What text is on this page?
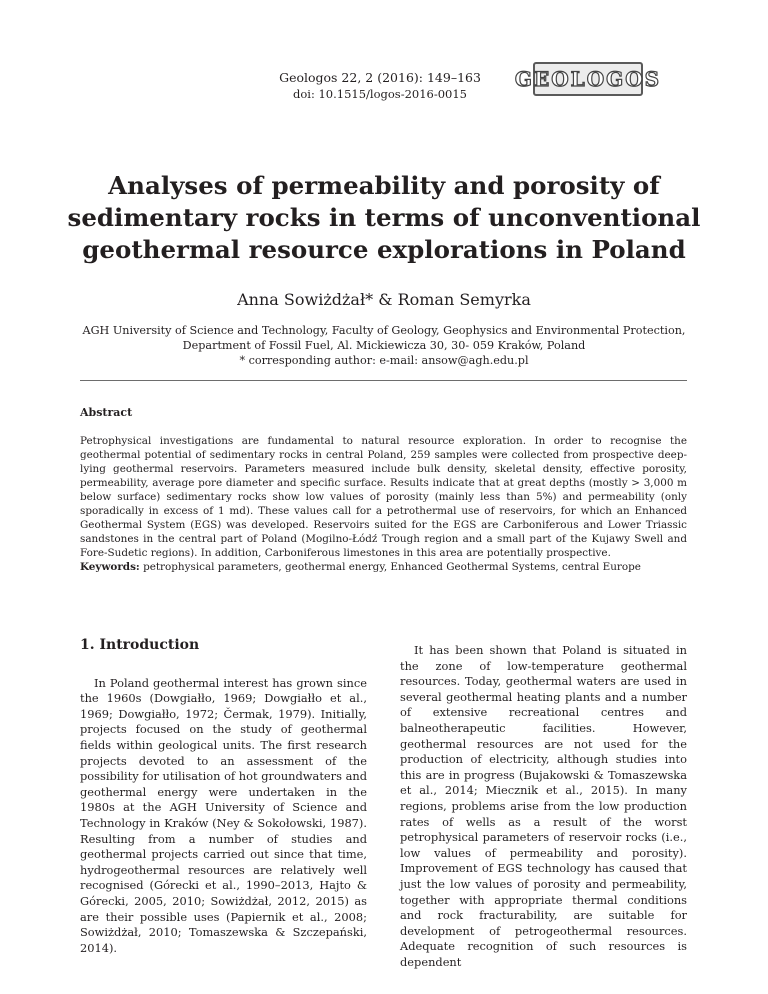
Geologos 22, 2 (2016): 149–163
doi: 10.1515/logos-2016-0015
GEOLOGOS
Analyses of permeability and porosity of sedimentary rocks in terms of unconventional geothermal resource explorations in Poland
Anna Sowiżdżał* & Roman Semyrka
AGH University of Science and Technology, Faculty of Geology, Geophysics and Environmental Protection,
Department of Fossil Fuel, Al. Mickiewicza 30, 30- 059 Kraków, Poland
* corresponding author: e-mail: ansow@agh.edu.pl
Abstract
Petrophysical investigations are fundamental to natural resource exploration. In order to recognise the geothermal potential of sedimentary rocks in central Poland, 259 samples were collected from prospective deep-lying geothermal reservoirs. Parameters measured include bulk density, skeletal density, effective porosity, permeability, average pore diameter and specific surface. Results indicate that at great depths (mostly > 3,000 m below surface) sedimentary rocks show low values of porosity (mainly less than 5%) and permeability (only sporadically in excess of 1 md). These values call for a petrothermal use of reservoirs, for which an Enhanced Geothermal System (EGS) was developed. Reservoirs suited for the EGS are Carboniferous and Lower Triassic sandstones in the central part of Poland (Mogilno-Łódź Trough region and a small part of the Kujawy Swell and Fore-Sudetic regions). In addition, Carboniferous limestones in this area are potentially prospective.
Keywords: petrophysical parameters, geothermal energy, Enhanced Geothermal Systems, central Europe
1. Introduction

In Poland geothermal interest has grown since the 1960s (Dowgiałło, 1969; Dowgiałło et al., 1969; Dowgiałło, 1972; Čermak, 1979). Initially, projects focused on the study of geothermal fields within geological units. The first research projects devoted to an assessment of the possibility for utilisation of hot groundwaters and geothermal energy were undertaken in the 1980s at the AGH University of Science and Technology in Kraków (Ney & Sokołowski, 1987). Resulting from a number of studies and geothermal projects carried out since that time, hydrogeothermal resources are relatively well recognised (Górecki et al., 1990–2013, Hajto & Górecki, 2005, 2010; Sowiżdżał, 2012, 2015) as are their possible uses (Papiernik et al., 2008; Sowiżdżał, 2010; Tomaszewska & Szczepański, 2014).

It has been shown that Poland is situated in the zone of low-temperature geothermal resources. Today, geothermal waters are used in several geothermal heating plants and a number of extensive recreational centres and balneotherapeutic facilities. However, geothermal resources are not used for the production of electricity, although studies into this are in progress (Bujakowski & Tomaszewska et al., 2014; Miecznik et al., 2015). In many regions, problems arise from the low production rates of wells as a result of the worst petrophysical parameters of reservoir rocks (i.e., low values of permeability and porosity). Improvement of EGS technology has caused that just the low values of porosity and permeability, together with appropriate thermal conditions and rock fracturability, are suitable for development of petrogeothermal resources. Adequate recognition of such resources is dependent
